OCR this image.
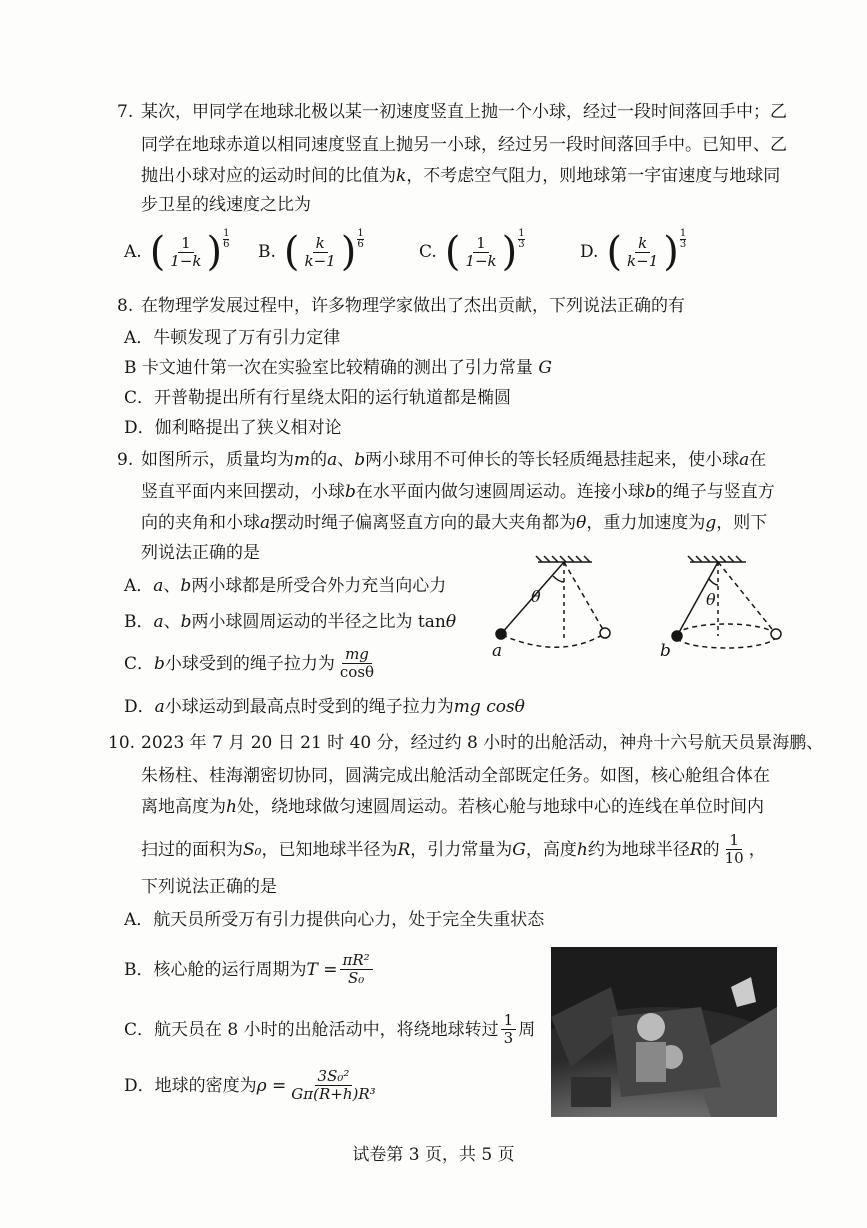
7. 某次，甲同学在地球北极以某一初速度竖直上抛一个小球，经过一段时间落回手中；乙
同学在地球赤道以相同速度竖直上抛另一小球，经过另一段时间落回手中。已知甲、乙
抛出小球对应的运动时间的比值为k，不考虑空气阻力，则地球第一宇宙速度与地球同
步卫星的线速度之比为
A. ( $\frac{1}{1-k}$ ) 1
6 B. ( $\frac{k}{k-1}$ ) 1
6	C. ( $\frac{1}{1-k}$ ) 1
3	D. ( $\frac{k}{k-1}$ ) 1
3
8. 在物理学发展过程中，许多物理学家做出了杰出贡献，下列说法正确的有
A．牛顿发现了万有引力定律
B 卡文迪什第一次在实验室比较精确的测出了引力常量 G
C．开普勒提出所有行星绕太阳的运行轨道都是椭圆
D．伽利略提出了狭义相对论
9. 如图所示，质量均为m的a、b两小球用不可伸长的等长轻质绳悬挂起来，使小球a在
竖直平面内来回摆动，小球b在水平面内做匀速圆周运动。连接小球b的绳子与竖直方
向的夹角和小球a摆动时绳子偏离竖直方向的最大夹角都为θ，重力加速度为g，则下
列说法正确的是
A．a、b两小球都是所受合外力充当向心力
B．a、b两小球圆周运动的半径之比为 tanθ
C． b 小球受到的绳子拉力为 $\frac{mg}{\cos\theta}$
D．a小球运动到最高点时受到的绳子拉力为mg cosθ
θ	θ
a	b
10. 2023 年 7 月 20 日 21 时 40 分，经过约 8 小时的出舱活动，神舟十六号航天员景海鹏、
朱杨柱、桂海潮密切协同，圆满完成出舱活动全部既定任务。如图，核心舱组合体在
离地高度为h处，绕地球做匀速圆周运动。若核心舱与地球中心的连线在单位时间内
扫过的面积为 S₀ ，已知地球半径为 R ，引力常量为 G ，高度 h 约为地球半径 R 的 $\frac{1}{10}$ ，
下列说法正确的是
A．航天员所受万有引力提供向心力，处于完全失重状态
B．核心舱的运行周期为 $T = \frac{\text{πR²}}{\text{S₀}}$
C．航天员在 8 小时的出舱活动中，将绕地球转过 $\frac{1}{3}$ 周
D．地球的密度为 $\rho = \frac{\text{3S₀²}}{\text{Gπ(R+h)R³}}$
试卷第 3 页，共 5 页
